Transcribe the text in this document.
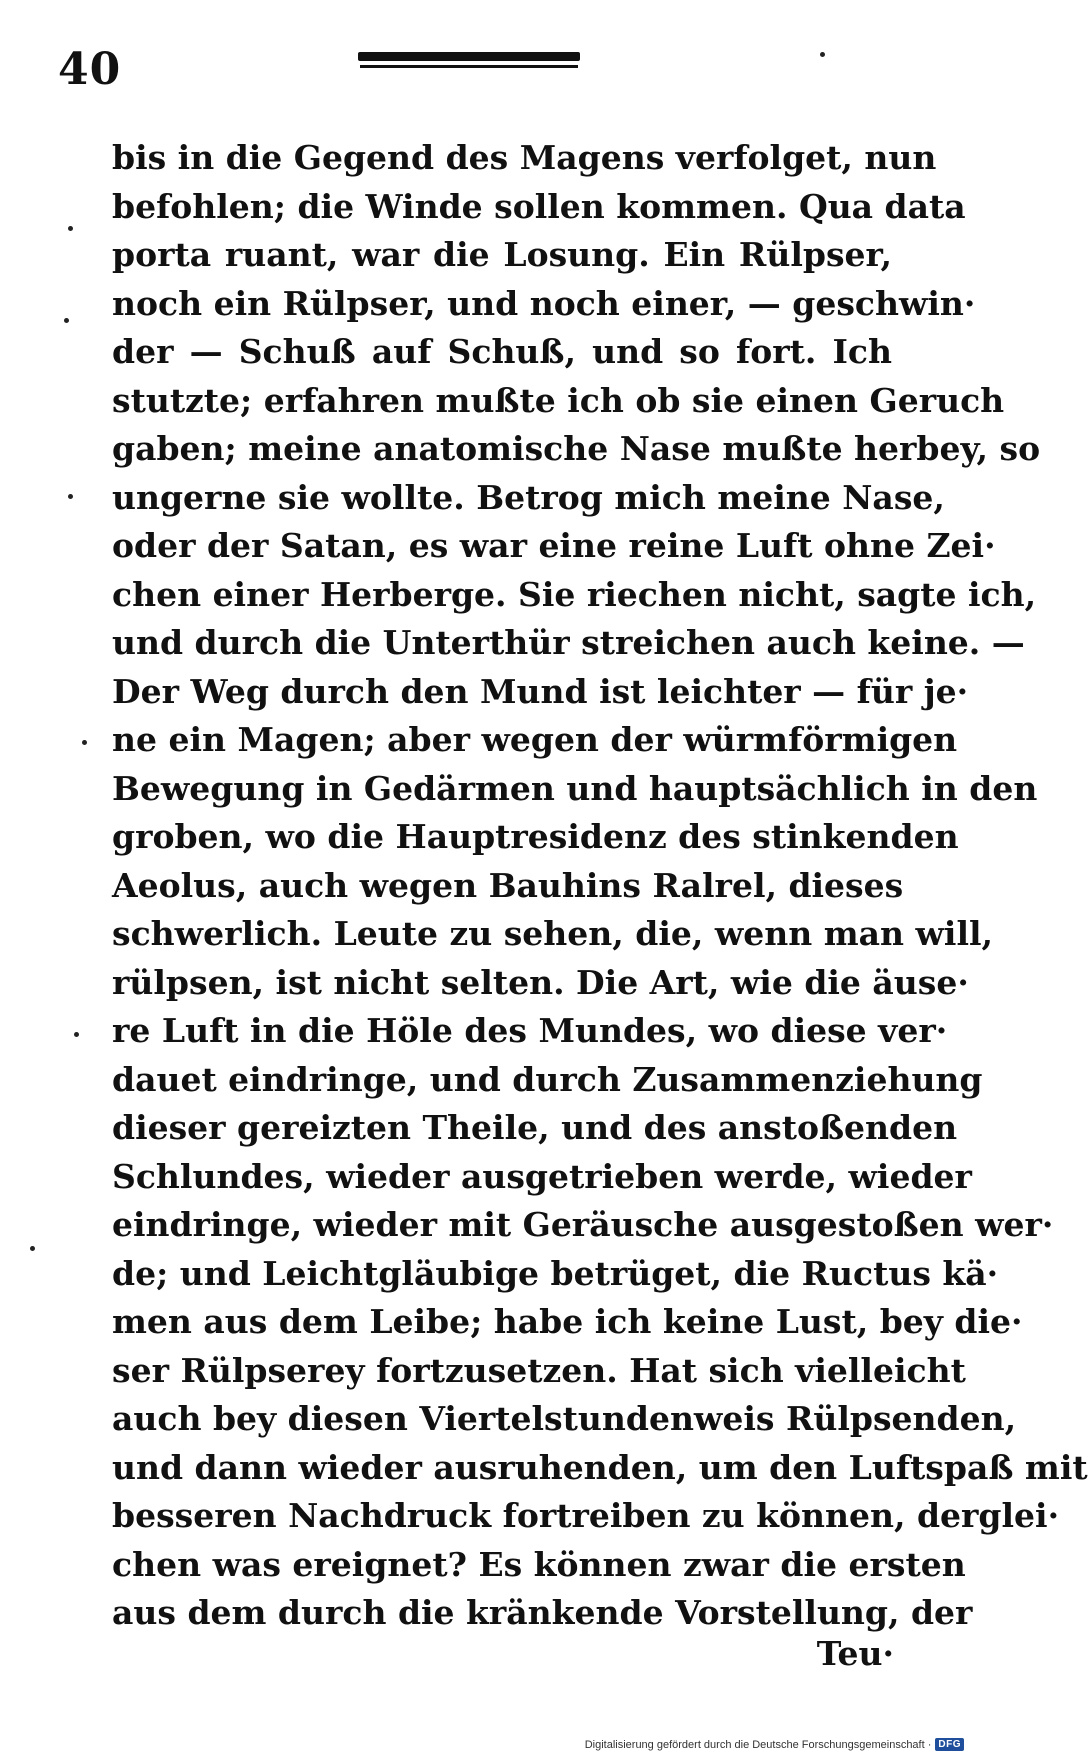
40
bis in die Gegend des Magens verfolget, nun
befohlen; die Winde sollen kommen. Qua data
porta ruant, war die Losung. Ein Rülpser,
noch ein Rülpser, und noch einer, — geschwin·
der — Schuß auf Schuß, und so fort. Ich
stutzte; erfahren mußte ich ob sie einen Geruch
gaben; meine anatomische Nase mußte herbey, so
ungerne sie wollte. Betrog mich meine Nase,
oder der Satan, es war eine reine Luft ohne Zei·
chen einer Herberge. Sie riechen nicht, sagte ich,
und durch die Unterthür streichen auch keine. —
Der Weg durch den Mund ist leichter — für je·
ne ein Magen; aber wegen der würmförmigen
Bewegung in Gedärmen und hauptsächlich in den
groben, wo die Hauptresidenz des stinkenden
Aeolus, auch wegen Bauhins Ralrel, dieses
schwerlich. Leute zu sehen, die, wenn man will,
rülpsen, ist nicht selten. Die Art, wie die äuse·
re Luft in die Höle des Mundes, wo diese ver·
dauet eindringe, und durch Zusammenziehung
dieser gereizten Theile, und des anstoßenden
Schlundes, wieder ausgetrieben werde, wieder
eindringe, wieder mit Geräusche ausgestoßen wer·
de; und Leichtgläubige betrüget, die Ructus kä·
men aus dem Leibe; habe ich keine Lust, bey die·
ser Rülpserey fortzusetzen. Hat sich vielleicht
auch bey diesen Viertelstundenweis Rülpsenden,
und dann wieder ausruhenden, um den Luftspaß mit
besseren Nachdruck fortreiben zu können, derglei·
chen was ereignet? Es können zwar die ersten
aus dem durch die kränkende Vorstellung, der
Teu·
Digitalisierung gefördert durch die Deutsche Forschungsgemeinschaft · DFG
